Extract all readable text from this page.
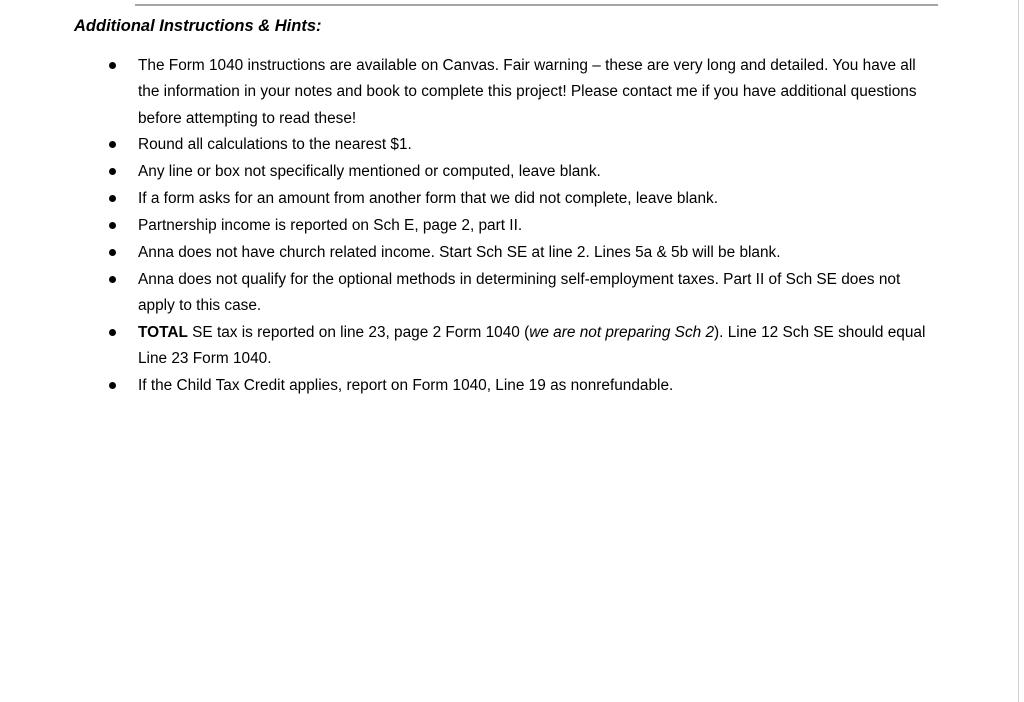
Additional Instructions & Hints:
The Form 1040 instructions are available on Canvas. Fair warning – these are very long and detailed. You have all the information in your notes and book to complete this project! Please contact me if you have additional questions before attempting to read these!
Round all calculations to the nearest $1.
Any line or box not specifically mentioned or computed, leave blank.
If a form asks for an amount from another form that we did not complete, leave blank.
Partnership income is reported on Sch E, page 2, part II.
Anna does not have church related income. Start Sch SE at line 2. Lines 5a & 5b will be blank.
Anna does not qualify for the optional methods in determining self-employment taxes. Part II of Sch SE does not apply to this case.
TOTAL SE tax is reported on line 23, page 2 Form 1040 (we are not preparing Sch 2). Line 12 Sch SE should equal Line 23 Form 1040.
If the Child Tax Credit applies, report on Form 1040, Line 19 as nonrefundable.
